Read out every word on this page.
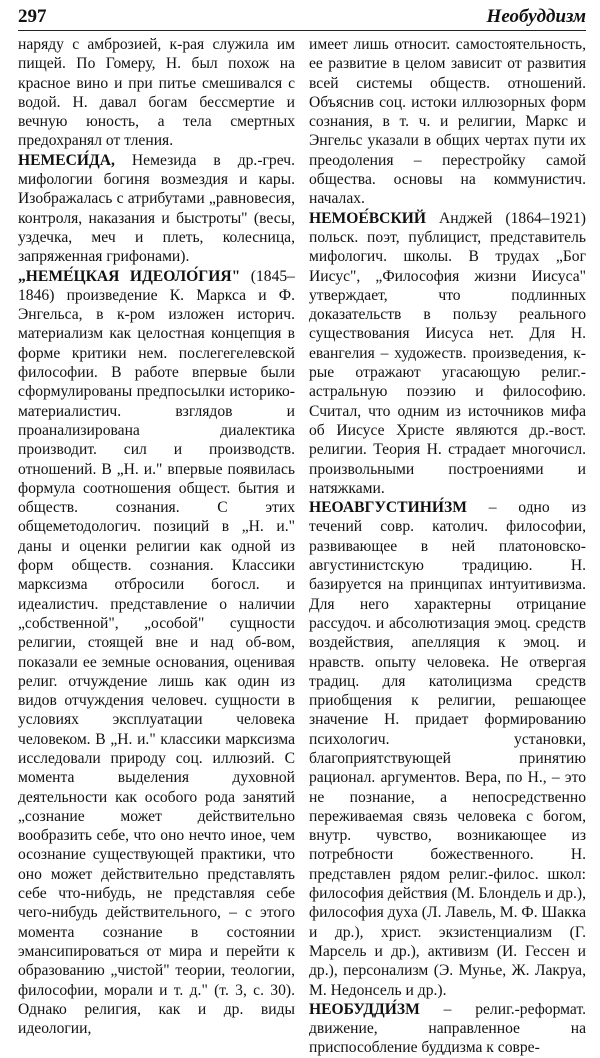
297	Необуддизм

наряду с амброзией, к-рая служила им пищей. По Гомеру, Н. был похож на красное вино и при питье смешивался с водой. Н. давал богам бессмертие и вечную юность, а тела смертных предохранял от тления.

НЕМЕСИ́ДА, Немезида в др.-греч. мифологии богиня возмездия и кары. Изображалась с атрибутами „равновесия, контроля, наказания и быстроты" (весы, уздечка, меч и плеть, колесница, запряженная грифонами).

„НЕМЕ́ЦКАЯ ИДЕОЛО́ГИЯ" (1845–1846) произведение К. Маркса и Ф. Энгельса, в к-ром изложен историч. материализм как целостная концепция в форме критики нем. послегегелевской философии. В работе впервые были сформулированы предпосылки историко-материалистич. взглядов и проанализирована диалектика производит. сил и производств. отношений. В „Н. и." впервые появилась формула соотношения общест. бытия и обществ. сознания. С этих общеметодологич. позиций в „Н. и." даны и оценки религии как одной из форм обществ. сознания. Классики марксизма отбросили богосл. и идеалистич. представление о наличии „собственной", „особой" сущности религии, стоящей вне и над об-вом, показали ее земные основания, оценивая религ. отчуждение лишь как один из видов отчуждения человеч. сущности в условиях эксплуатации человека человеком. В „Н. и." классики марксизма исследовали природу соц. иллюзий. С момента выделения духовной деятельности как особого рода занятий „сознание может действительно вообразить себе, что оно нечто иное, чем осознание существующей практики, что оно может действительно представлять себе что-нибудь, не представляя себе чего-нибудь действительного, – с этого момента сознание в состоянии эмансипироваться от мира и перейти к образованию „чистой" теории, теологии, философии, морали и т. д." (т. 3, с. 30). Однако религия, как и др. виды идеологии,

имеет лишь относит. самостоятельность, ее развитие в целом зависит от развития всей системы обществ. отношений. Объяснив соц. истоки иллюзорных форм сознания, в т. ч. и религии, Маркс и Энгельс указали в общих чертах пути их преодоления – перестройку самой общества. основы на коммунистич. началах.

НЕМОЕ́ВСКИЙ Анджей (1864–1921) польск. поэт, публицист, представитель мифологич. школы. В трудах „Бог Иисус", „Философия жизни Иисуса" утверждает, что подлинных доказательств в пользу реального существования Иисуса нет. Для Н. евангелия – художеств. произведения, к-рые отражают угасающую религ.-астральную поэзию и философию. Считал, что одним из источников мифа об Иисусе Христе являются др.-вост. религии. Теория Н. страдает многочисл. произвольными построениями и натяжками.

НЕОАВГУСТИНИ́ЗМ – одно из течений совр. католич. философии, развивающее в ней платоновско-августинистскую традицию. Н. базируется на принципах интуитивизма. Для него характерны отрицание рассудоч. и абсолютизация эмоц. средств воздействия, апелляция к эмоц. и нравств. опыту человека. Не отвергая традиц. для католицизма средств приобщения к религии, решающее значение Н. придает формированию психологич. установки, благоприятствующей принятию рационал. аргументов. Вера, по Н., – это не познание, а непосредственно переживаемая связь человека с богом, внутр. чувство, возникающее из потребности божественного. Н. представлен рядом религ.-филос. школ: философия действия (М. Блондель и др.), философия духа (Л. Лавель, М. Ф. Шакка и др.), христ. экзистенциализм (Г. Марсель и др.), активизм (И. Гессен и др.), персонализм (Э. Мунье, Ж. Лакруа, М. Недонсель и др.).

НЕОБУДДИ́ЗМ – религ.-реформат. движение, направленное на приспособление буддизма к совре-
